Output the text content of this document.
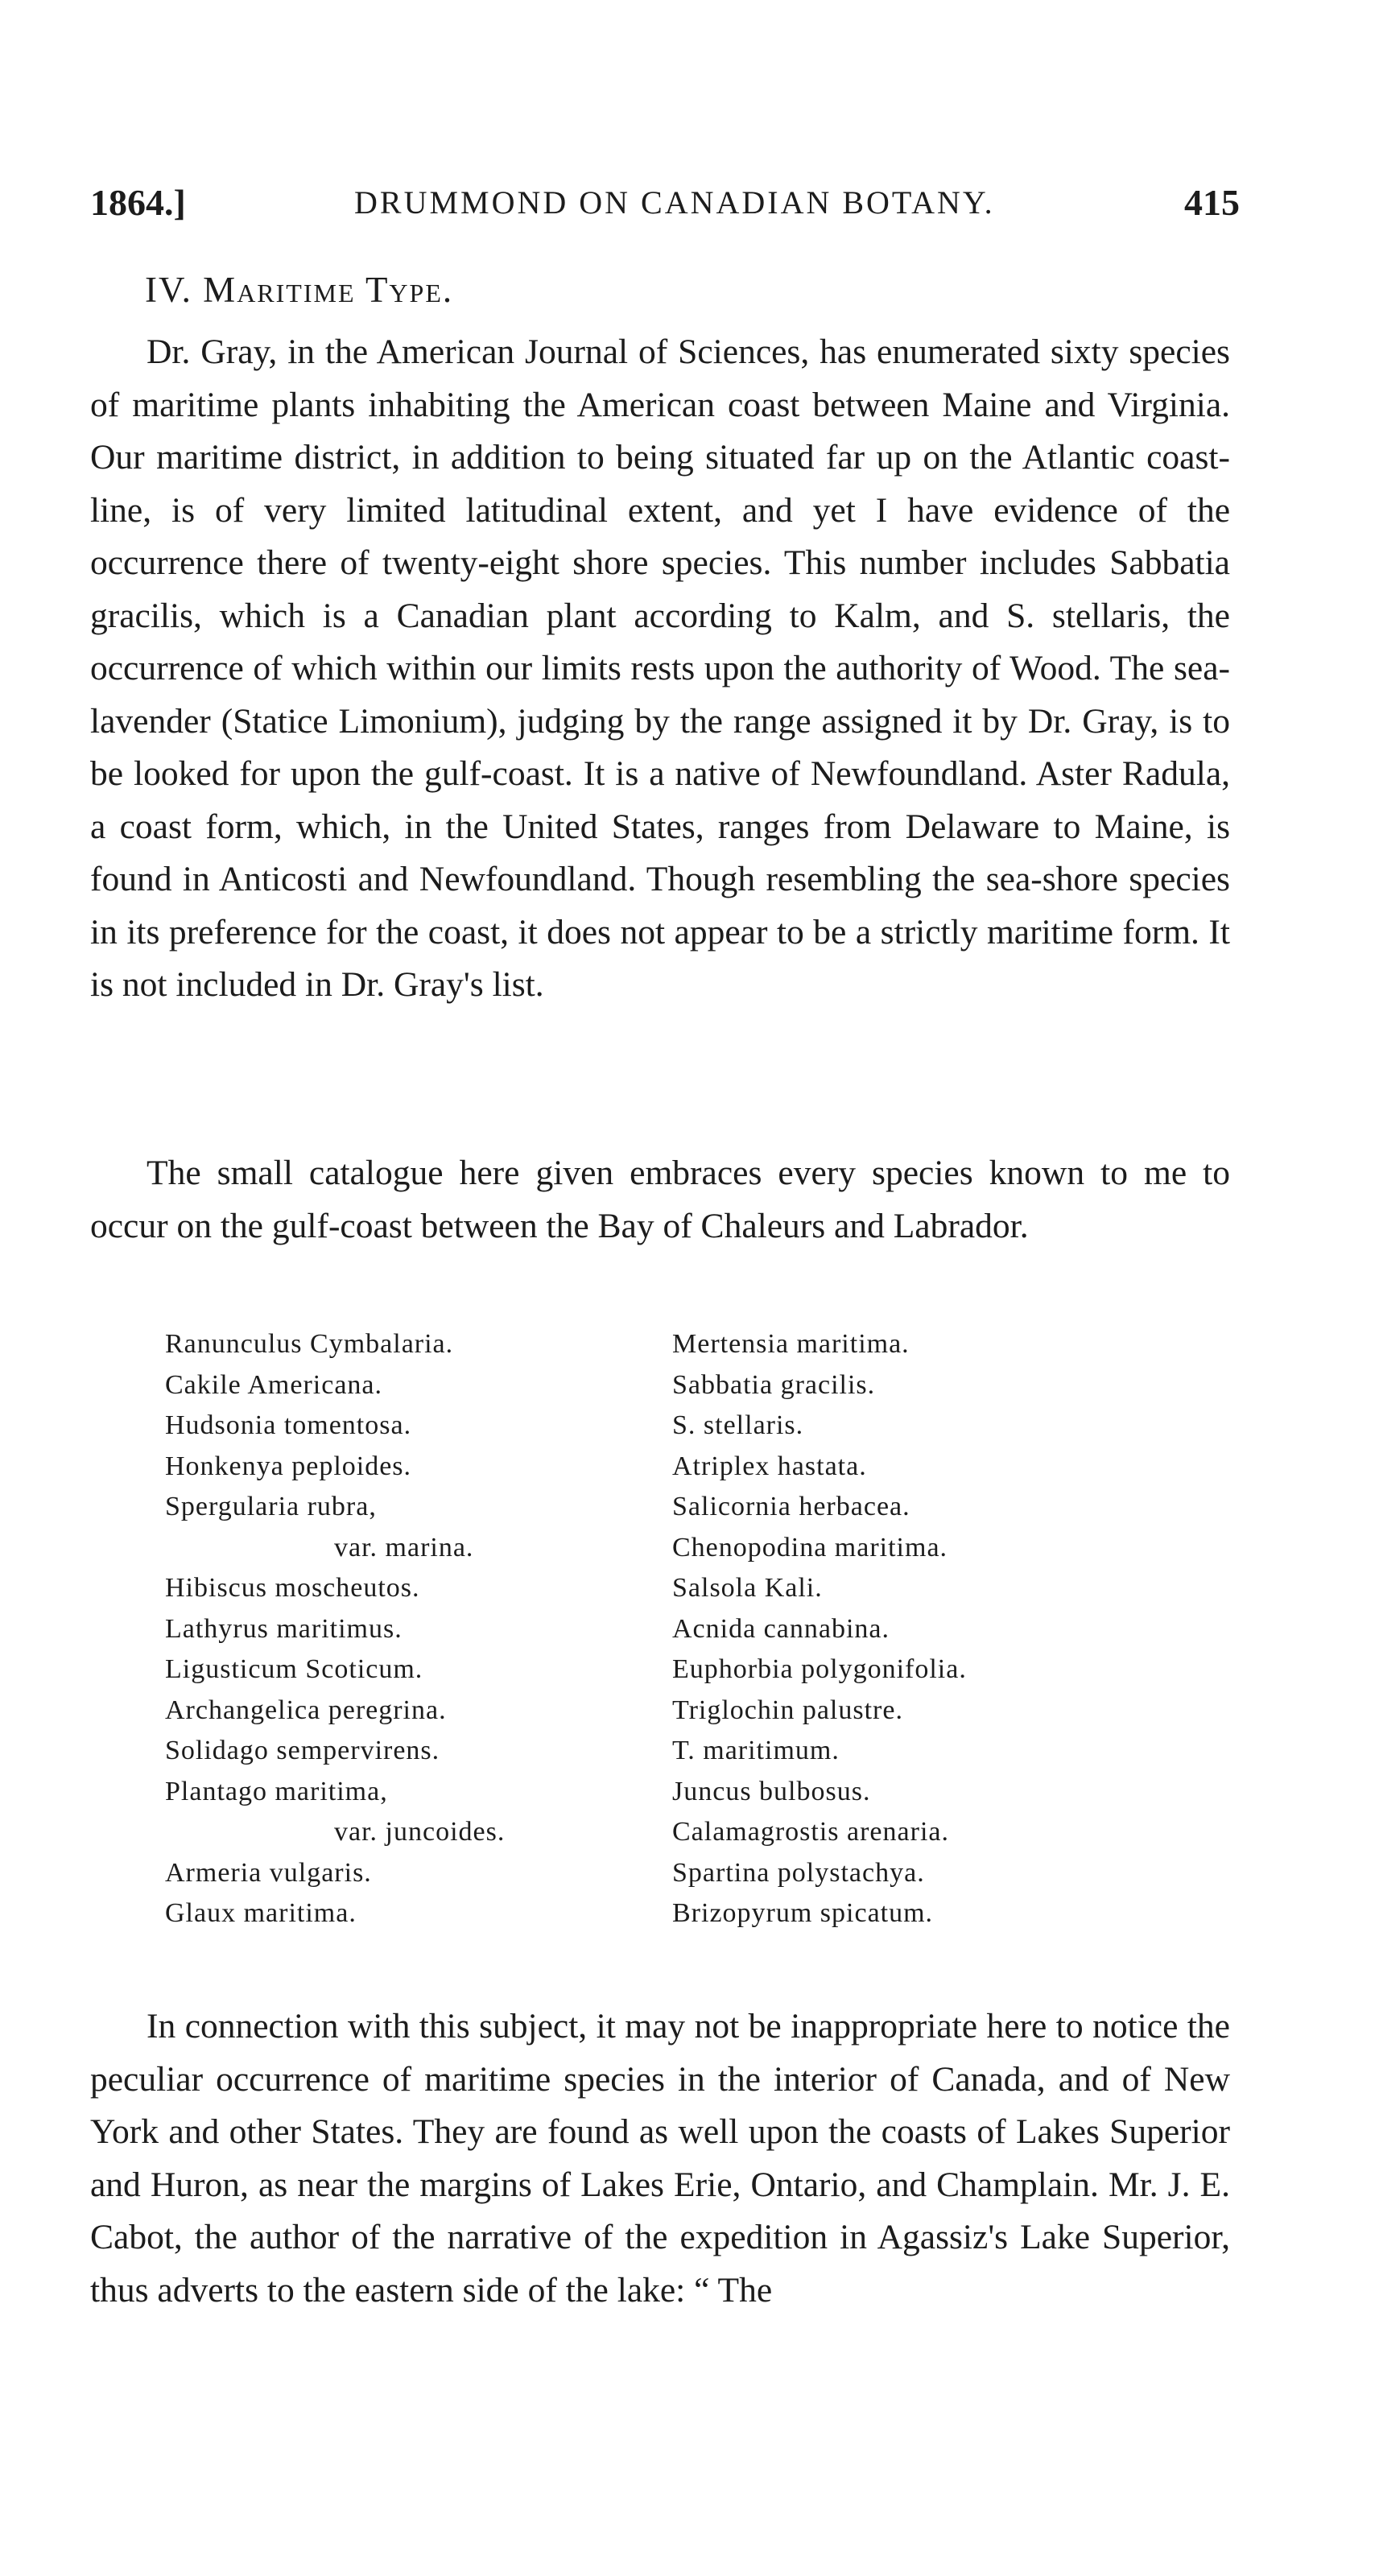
1864.]	DRUMMOND ON CANADIAN BOTANY.	415
IV. Maritime Type.

Dr. Gray, in the American Journal of Sciences, has enumerated sixty species of maritime plants inhabiting the American coast between Maine and Virginia. Our maritime district, in addition to being situated far up on the Atlantic coast-line, is of very limited latitudinal extent, and yet I have evidence of the occurrence there of twenty-eight shore species. This number includes Sabbatia gracilis, which is a Canadian plant according to Kalm, and S. stellaris, the occurrence of which within our limits rests upon the authority of Wood. The sea-lavender (Statice Limonium), judging by the range assigned it by Dr. Gray, is to be looked for upon the gulf-coast. It is a native of Newfoundland. Aster Radula, a coast form, which, in the United States, ranges from Delaware to Maine, is found in Anticosti and Newfoundland. Though resembling the sea-shore species in its preference for the coast, it does not appear to be a strictly maritime form. It is not included in Dr. Gray's list.

The small catalogue here given embraces every species known to me to occur on the gulf-coast between the Bay of Chaleurs and Labrador.

Ranunculus Cymbalaria.
Cakile Americana.
Hudsonia tomentosa.
Honkenya peploides.
Spergularia rubra,
var. marina.
Hibiscus moscheutos.
Lathyrus maritimus.
Ligusticum Scoticum.
Archangelica peregrina.
Solidago sempervirens.
Plantago maritima,
var. juncoides.
Armeria vulgaris.
Glaux maritima.
Mertensia maritima.
Sabbatia gracilis.
S. stellaris.
Atriplex hastata.
Salicornia herbacea.
Chenopodina maritima.
Salsola Kali.
Acnida cannabina.
Euphorbia polygonifolia.
Triglochin palustre.
T. maritimum.
Juncus bulbosus.
Calamagrostis arenaria.
Spartina polystachya.
Brizopyrum spicatum.

In connection with this subject, it may not be inappropriate here to notice the peculiar occurrence of maritime species in the interior of Canada, and of New York and other States. They are found as well upon the coasts of Lakes Superior and Huron, as near the margins of Lakes Erie, Ontario, and Champlain. Mr. J. E. Cabot, the author of the narrative of the expedition in Agassiz's Lake Superior, thus adverts to the eastern side of the lake: “ The
